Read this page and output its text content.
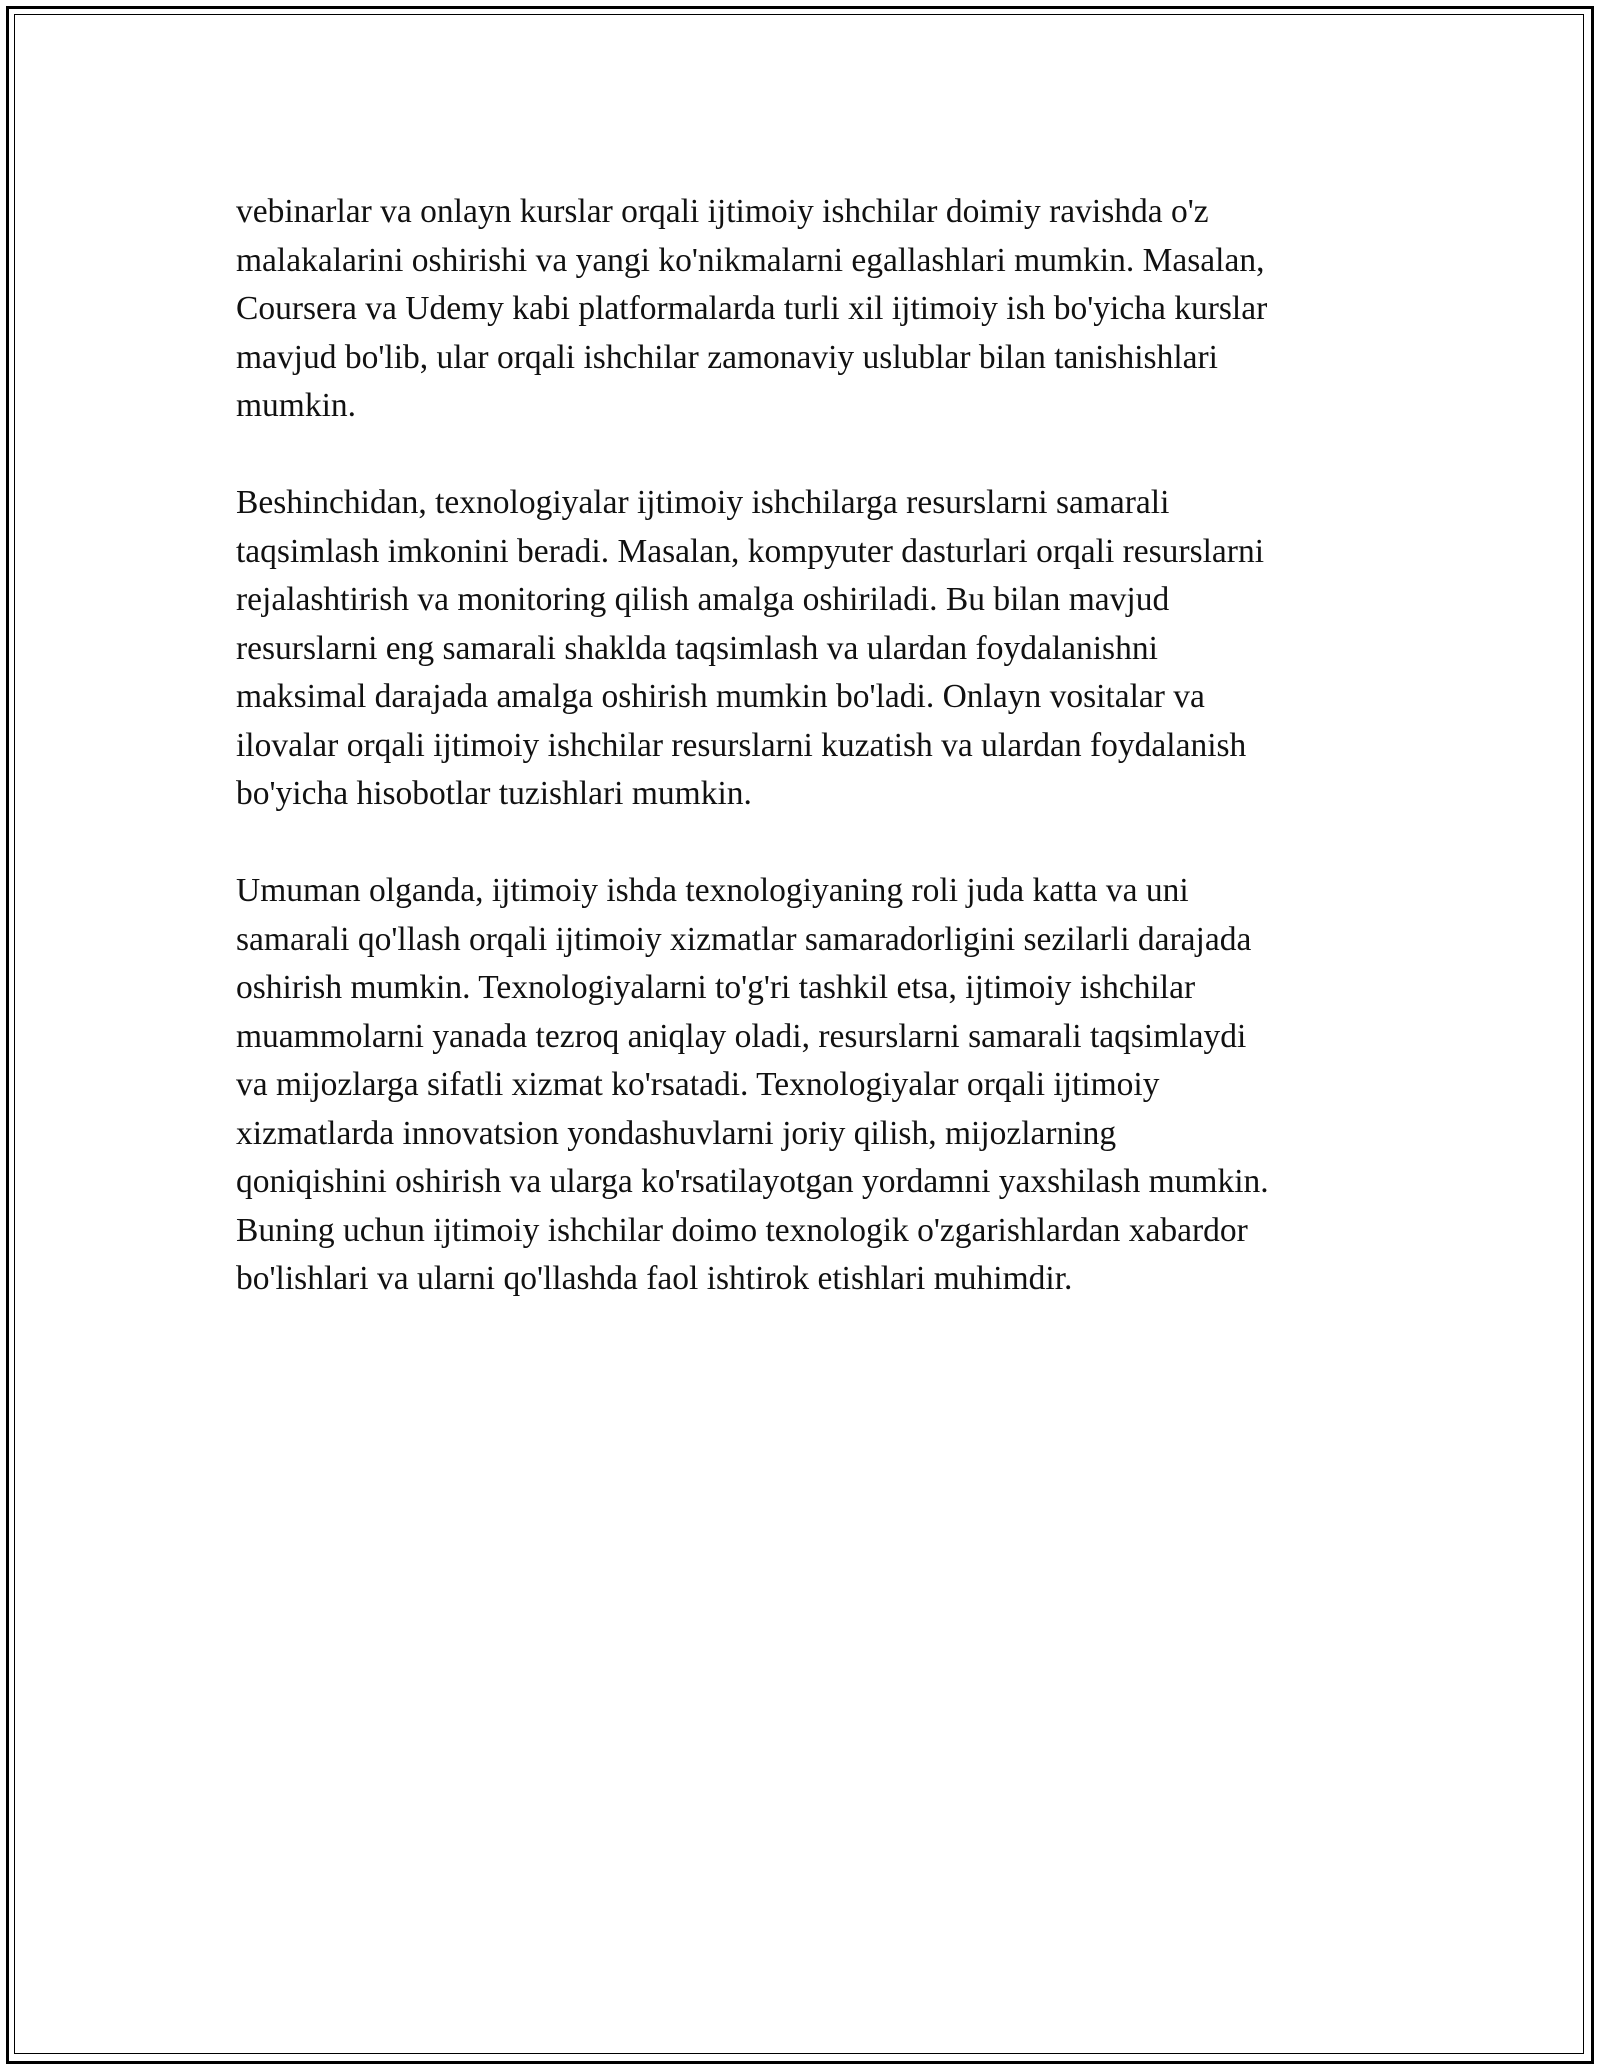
vebinarlar va onlayn kurslar orqali ijtimoiy ishchilar doimiy ravishda o'z
malakalarini oshirishi va yangi ko'nikmalarni egallashlari mumkin. Masalan,
Coursera va Udemy kabi platformalarda turli xil ijtimoiy ish bo'yicha kurslar
mavjud bo'lib, ular orqali ishchilar zamonaviy uslublar bilan tanishishlari
mumkin.

Beshinchidan, texnologiyalar ijtimoiy ishchilarga resurslarni samarali
taqsimlash imkonini beradi. Masalan, kompyuter dasturlari orqali resurslarni
rejalashtirish va monitoring qilish amalga oshiriladi. Bu bilan mavjud
resurslarni eng samarali shaklda taqsimlash va ulardan foydalanishni
maksimal darajada amalga oshirish mumkin bo'ladi. Onlayn vositalar va
ilovalar orqali ijtimoiy ishchilar resurslarni kuzatish va ulardan foydalanish
bo'yicha hisobotlar tuzishlari mumkin.

Umuman olganda, ijtimoiy ishda texnologiyaning roli juda katta va uni
samarali qo'llash orqali ijtimoiy xizmatlar samaradorligini sezilarli darajada
oshirish mumkin. Texnologiyalarni to'g'ri tashkil etsa, ijtimoiy ishchilar
muammolarni yanada tezroq aniqlay oladi, resurslarni samarali taqsimlaydi
va mijozlarga sifatli xizmat ko'rsatadi. Texnologiyalar orqali ijtimoiy
xizmatlarda innovatsion yondashuvlarni joriy qilish, mijozlarning
qoniqishini oshirish va ularga ko'rsatilayotgan yordamni yaxshilash mumkin.
Buning uchun ijtimoiy ishchilar doimo texnologik o'zgarishlardan xabardor
bo'lishlari va ularni qo'llashda faol ishtirok etishlari muhimdir.
